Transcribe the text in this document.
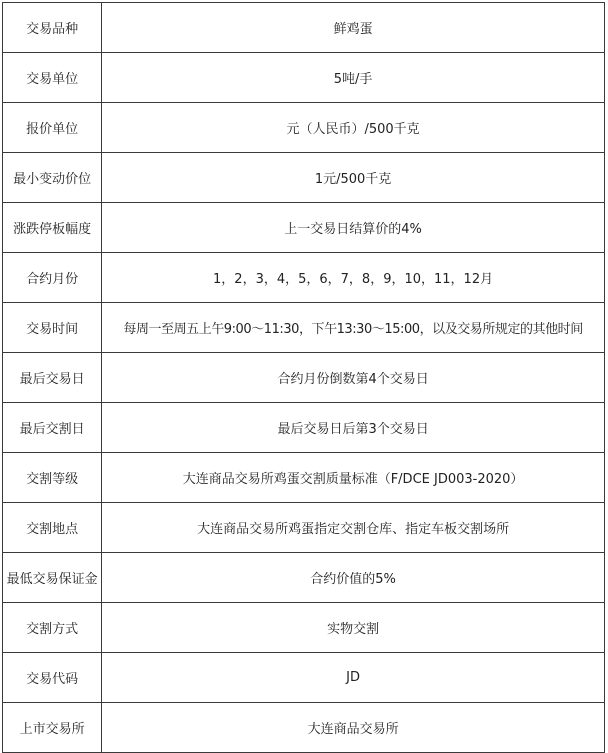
交易品种	鲜鸡蛋
交易单位	5吨/手
报价单位	元（人民币）/500千克
最小变动价位	1元/500千克
涨跌停板幅度	上一交易日结算价的4%
合约月份	1，2，3，4，5，6，7，8，9，10，11，12月
交易时间	每周一至周五上午9:00～11:30，下午13:30～15:00，以及交易所规定的其他时间
最后交易日	合约月份倒数第4个交易日
最后交割日	最后交易日后第3个交易日
交割等级	大连商品交易所鸡蛋交割质量标准（F/DCE JD003-2020）
交割地点	大连商品交易所鸡蛋指定交割仓库、指定车板交割场所
最低交易保证金	合约价值的5%
交割方式	实物交割
交易代码	JD
上市交易所	大连商品交易所
